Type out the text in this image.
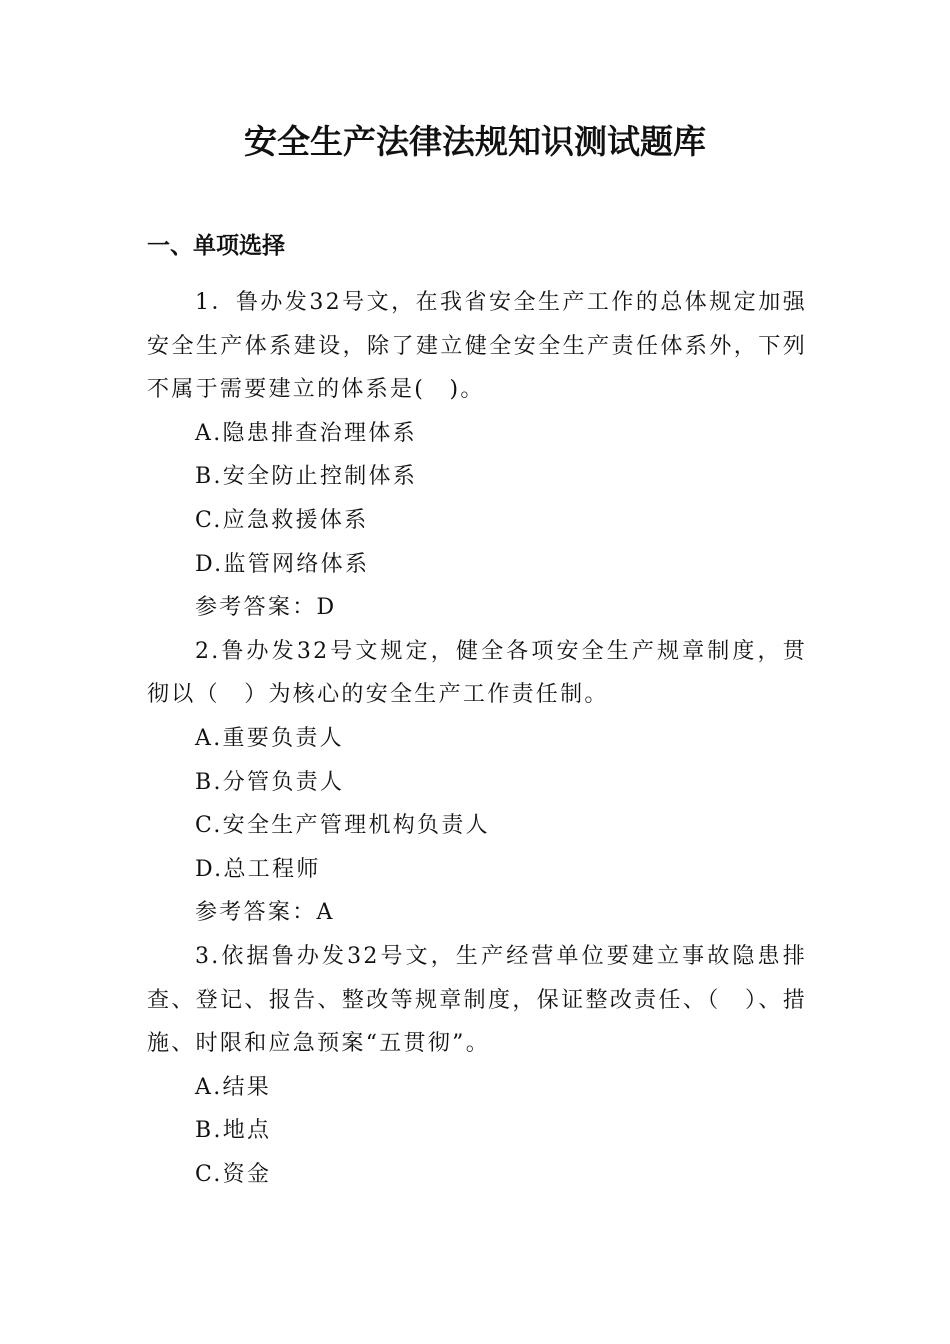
安全生产法律法规知识测试题库
一、单项选择

1．鲁办发32号文，在我省安全生产工作的总体规定加强安全生产体系建设，除了建立健全安全生产责任体系外，下列不属于需要建立的体系是(　)。

A.隐患排查治理体系

B.安全防止控制体系

C.应急救援体系

D.监管网络体系

参考答案：D

2.鲁办发32号文规定，健全各项安全生产规章制度，贯彻以（　）为核心的安全生产工作责任制。

A.重要负责人

B.分管负责人

C.安全生产管理机构负责人

D.总工程师

参考答案：A

3.依据鲁办发32号文，生产经营单位要建立事故隐患排查、登记、报告、整改等规章制度，保证整改责任、（　）、措施、时限和应急预案“五贯彻”。

A.结果

B.地点

C.资金
